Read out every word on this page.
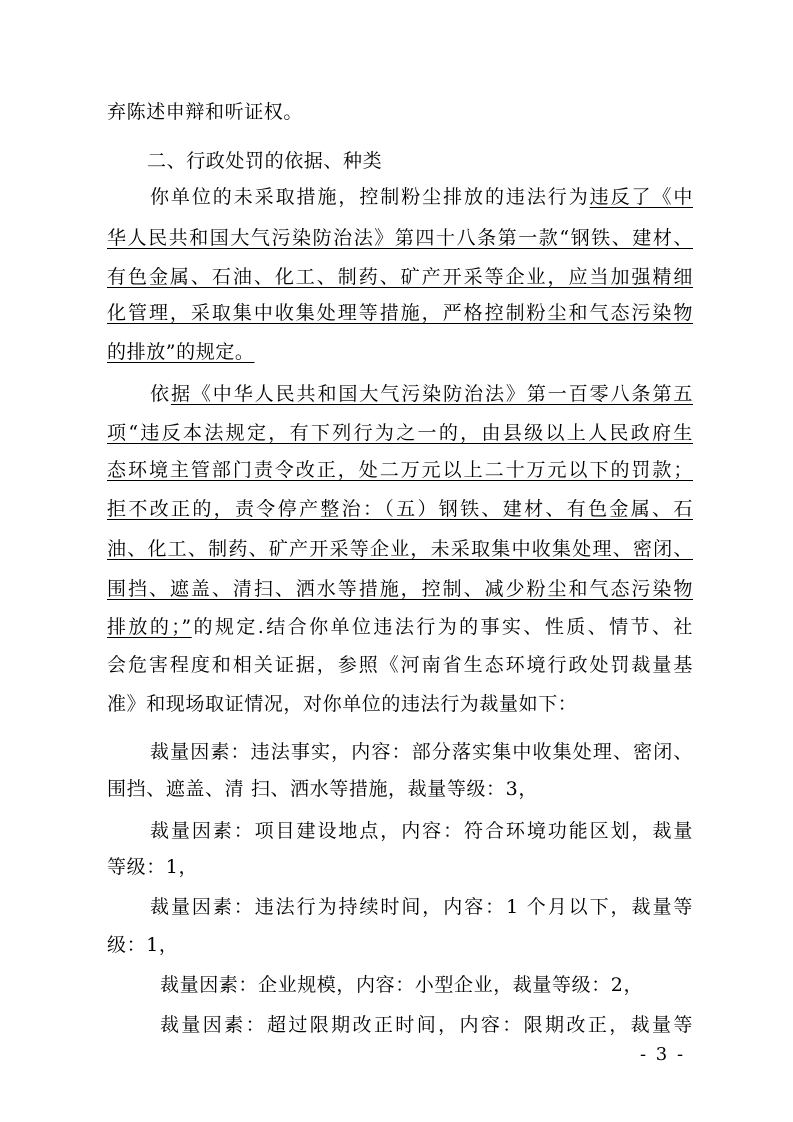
弃陈述申辩和听证权。
二、行政处罚的依据、种类
你单位的未采取措施，控制粉尘排放的违法行为违反了《中
华人民共和国大气污染防治法》第四十八条第一款“钢铁、建材、
有色金属、石油、化工、制药、矿产开采等企业，应当加强精细
化管理，采取集中收集处理等措施，严格控制粉尘和气态污染物
的排放”的规定。
依据《中华人民共和国大气污染防治法》第一百零八条第五
项“违反本法规定，有下列行为之一的，由县级以上人民政府生
态环境主管部门责令改正，处二万元以上二十万元以下的罚款；
拒不改正的，责令停产整治：（五）钢铁、建材、有色金属、石
油、化工、制药、矿产开采等企业，未采取集中收集处理、密闭、
围挡、遮盖、清扫、洒水等措施，控制、减少粉尘和气态污染物
排放的；”的规定.结合你单位违法行为的事实、性质、情节、社
会危害程度和相关证据，参照《河南省生态环境行政处罚裁量基
准》和现场取证情况，对你单位的违法行为裁量如下：
裁量因素：违法事实，内容：部分落实集中收集处理、密闭、
围挡、遮盖、清 扫、洒水等措施，裁量等级：3，
裁量因素：项目建设地点，内容：符合环境功能区划，裁量
等级：1，
裁量因素：违法行为持续时间，内容：1 个月以下，裁量等
级：1，
裁量因素：企业规模，内容：小型企业，裁量等级：2，
裁量因素：超过限期改正时间，内容：限期改正，裁量等
- 3 -
